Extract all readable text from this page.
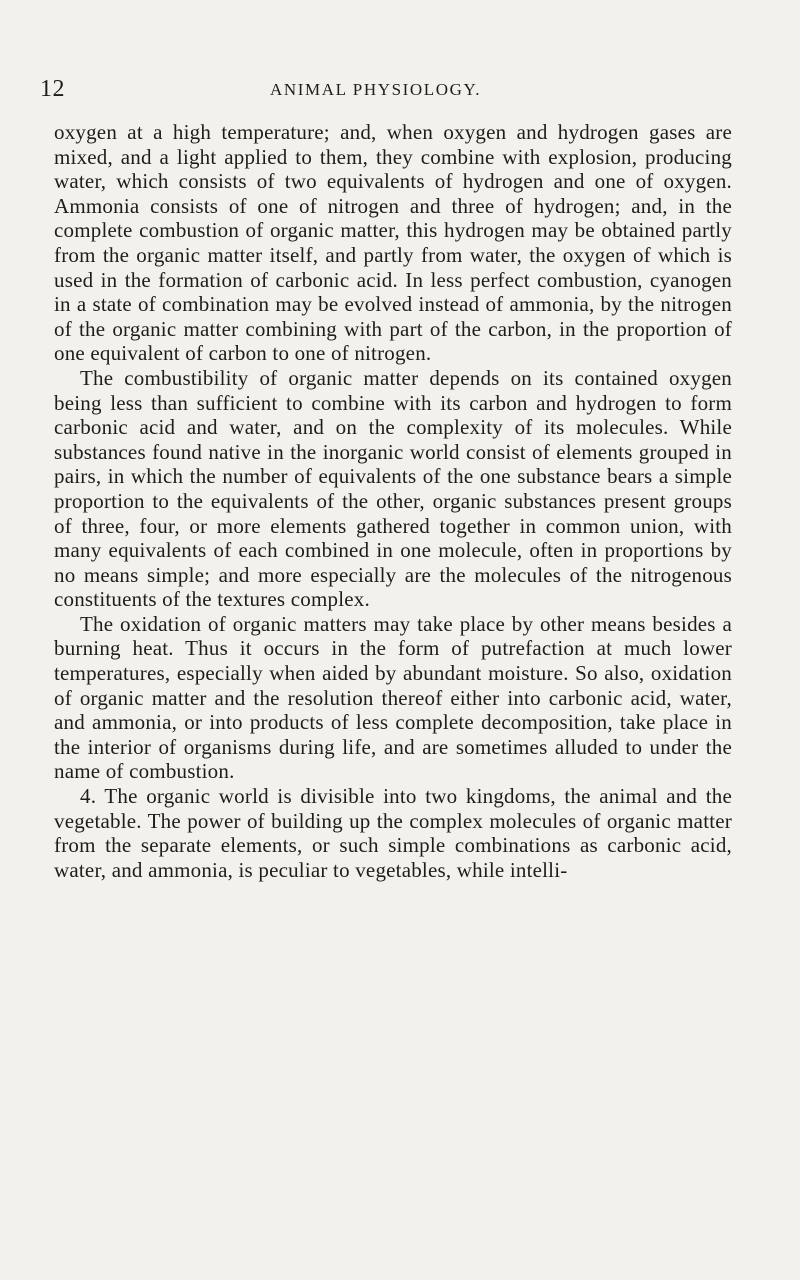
12	ANIMAL PHYSIOLOGY.

oxygen at a high temperature; and, when oxygen and hydrogen gases are mixed, and a light applied to them, they combine with explosion, producing water, which consists of two equivalents of hydrogen and one of oxygen. Ammonia consists of one of nitrogen and three of hydrogen; and, in the complete combustion of organic matter, this hydrogen may be obtained partly from the organic matter itself, and partly from water, the oxygen of which is used in the formation of carbonic acid. In less perfect combustion, cyanogen in a state of combination may be evolved instead of ammonia, by the nitrogen of the organic matter combining with part of the carbon, in the proportion of one equivalent of carbon to one of nitrogen.

The combustibility of organic matter depends on its contained oxygen being less than sufficient to combine with its carbon and hydrogen to form carbonic acid and water, and on the complexity of its molecules. While substances found native in the inorganic world consist of elements grouped in pairs, in which the number of equivalents of the one substance bears a simple proportion to the equivalents of the other, organic substances present groups of three, four, or more elements gathered together in common union, with many equivalents of each combined in one molecule, often in proportions by no means simple; and more especially are the molecules of the nitrogenous constituents of the textures complex.

The oxidation of organic matters may take place by other means besides a burning heat. Thus it occurs in the form of putrefaction at much lower temperatures, especially when aided by abundant moisture. So also, oxidation of organic matter and the resolution thereof either into carbonic acid, water, and ammonia, or into products of less complete decomposition, take place in the interior of organisms during life, and are sometimes alluded to under the name of combustion.

4. The organic world is divisible into two kingdoms, the animal and the vegetable. The power of building up the complex molecules of organic matter from the separate elements, or such simple combinations as carbonic acid, water, and ammonia, is peculiar to vegetables, while intelli-
